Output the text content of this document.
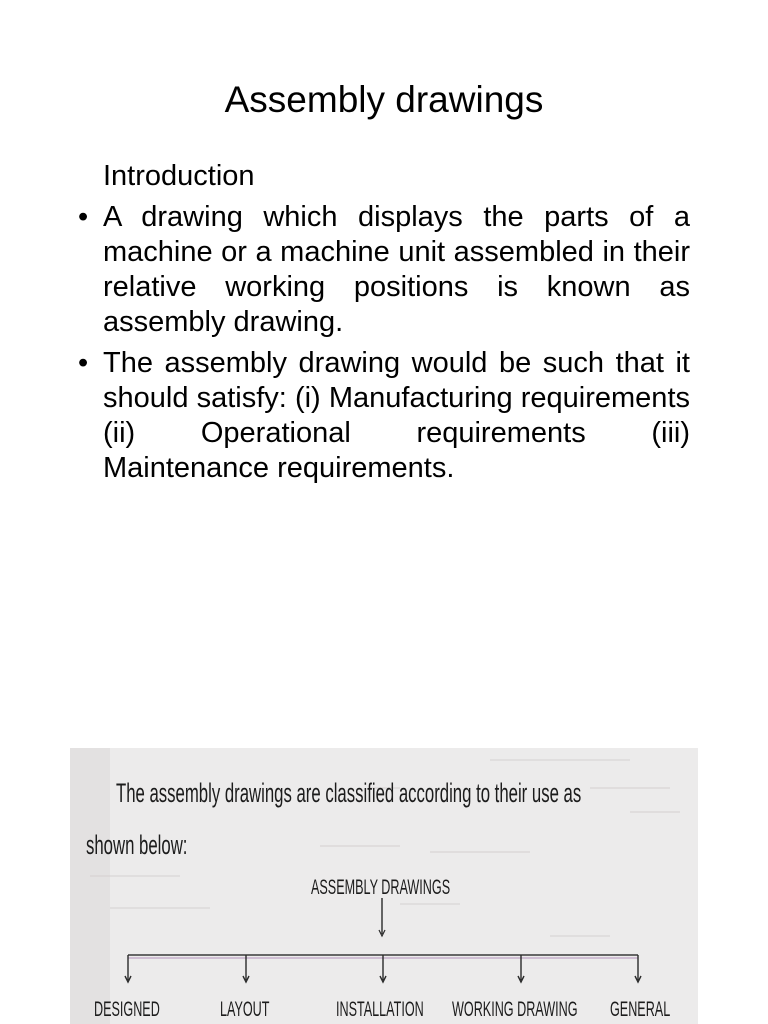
Assembly drawings
Introduction
• A drawing which displays the parts of a machine or a machine unit assembled in their relative working positions is known as assembly drawing.
• The assembly drawing would be such that it should satisfy: (i) Manufacturing requirements (ii) Operational requirements (iii) Maintenance requirements.
The assembly drawings are classified according to their use as
shown below:
ASSEMBLY DRAWINGS
DESIGNED	LAYOUT	INSTALLATION WORKING DRAWING GENERAL
